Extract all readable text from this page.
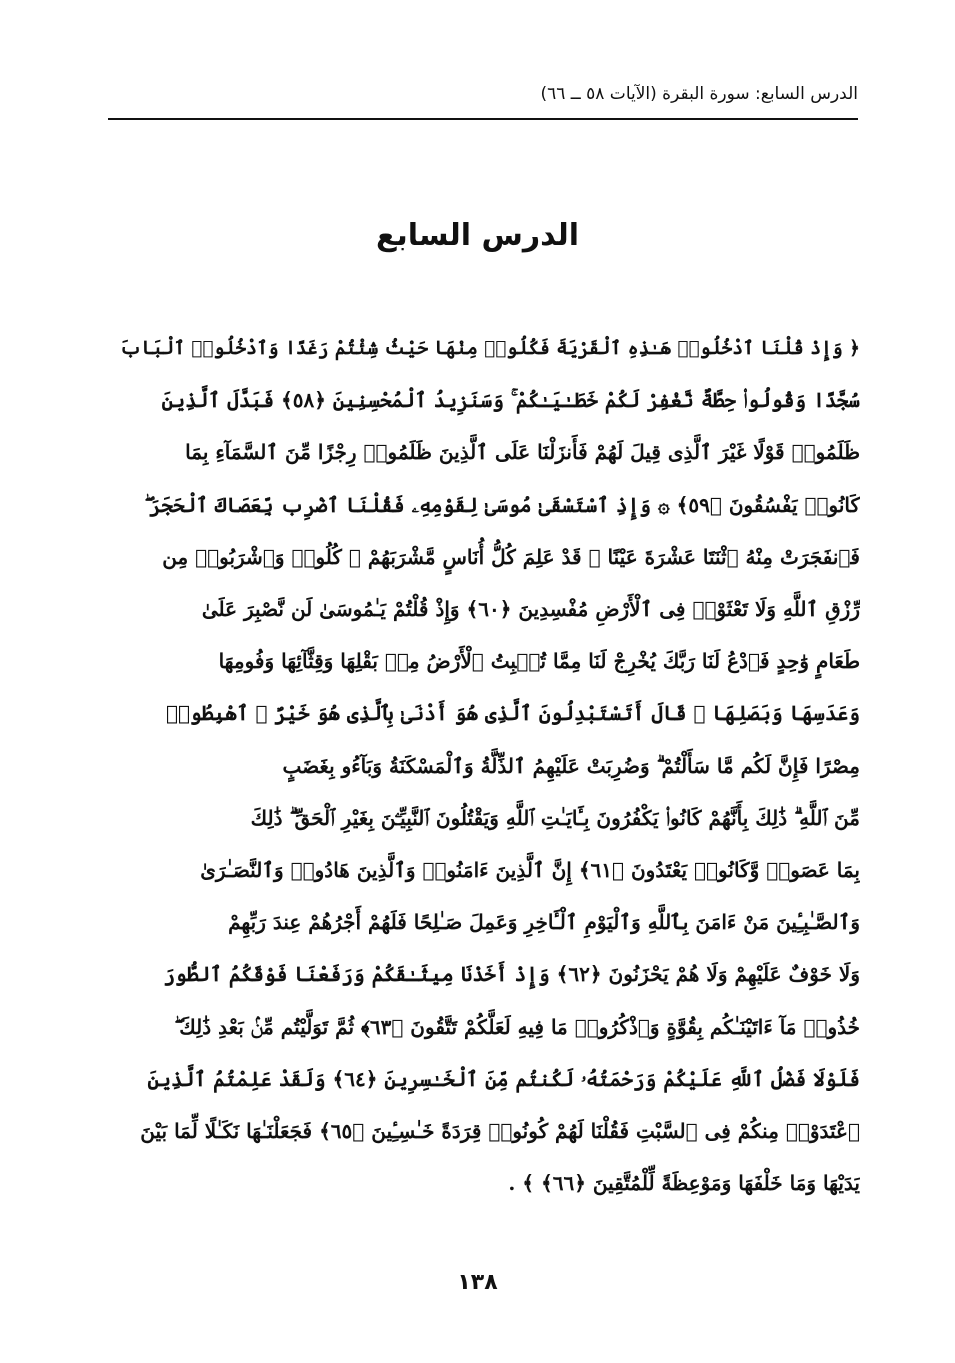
الدرس السابع: سورة البقرة (الآيات ٥٨ ــ ٦٦)
الدرس السابع
﴿ وَإِذْ قُلْنَا ٱدْخُلُوا۟ هَـٰذِهِ ٱلْقَرْيَةَ فَكُلُوا۟ مِنْهَا حَيْثُ شِئْتُمْ رَغَدًا وَٱدْخُلُوا۟ ٱلْبَابَ
سُجَّدًا وَقُولُوا۟ حِطَّةٌ نَّغْفِرْ لَكُمْ خَطَـٰيَـٰكُمْ ۚ وَسَنَزِيدُ ٱلْمُحْسِنِينَ ﴿٥٨﴾ فَبَدَّلَ ٱلَّذِينَ
ظَلَمُوا۟ قَوْلًا غَيْرَ ٱلَّذِى قِيلَ لَهُمْ فَأَنزَلْنَا عَلَى ٱلَّذِينَ ظَلَمُوا۟ رِجْزًا مِّنَ ٱلسَّمَآءِ بِمَا
كَانُوا۟ يَفْسُقُونَ ﴿٥٩﴾ ۞ وَإِذِ ٱسْتَسْقَىٰ مُوسَىٰ لِقَوْمِهِۦ فَقُلْنَا ٱضْرِب بِّعَصَاكَ ٱلْحَجَرَ ۖ
فَٱنفَجَرَتْ مِنْهُ ٱثْنَتَا عَشْرَةَ عَيْنًا ۖ قَدْ عَلِمَ كُلُّ أُنَاسٍ مَّشْرَبَهُمْ ۖ كُلُوا۟ وَٱشْرَبُوا۟ مِن
رِّزْقِ ٱللَّهِ وَلَا تَعْثَوْا۟ فِى ٱلْأَرْضِ مُفْسِدِينَ ﴿٦٠﴾ وَإِذْ قُلْتُمْ يَـٰمُوسَىٰ لَن نَّصْبِرَ عَلَىٰ
طَعَامٍ وَٰحِدٍ فَٱدْعُ لَنَا رَبَّكَ يُخْرِجْ لَنَا مِمَّا تُنۢبِتُ ٱلْأَرْضُ مِنۢ بَقْلِهَا وَقِثَّآئِهَا وَفُومِهَا
وَعَدَسِهَا وَبَصَلِهَا ۖ قَالَ أَتَسْتَبْدِلُونَ ٱلَّذِى هُوَ أَدْنَىٰ بِٱلَّذِى هُوَ خَيْرٌ ۚ ٱهْبِطُوا۟
مِصْرًا فَإِنَّ لَكُم مَّا سَأَلْتُمْ ۗ وَضُرِبَتْ عَلَيْهِمُ ٱلذِّلَّةُ وَٱلْمَسْكَنَةُ وَبَآءُو بِغَضَبٍ
مِّنَ ٱللَّهِ ۗ ذَٰلِكَ بِأَنَّهُمْ كَانُوا۟ يَكْفُرُونَ بِـَٔايَـٰتِ ٱللَّهِ وَيَقْتُلُونَ ٱلنَّبِيِّـۧنَ بِغَيْرِ ٱلْحَقِّ ۗ ذَٰلِكَ
بِمَا عَصَوا۟ وَّكَانُوا۟ يَعْتَدُونَ ﴿٦١﴾ إِنَّ ٱلَّذِينَ ءَامَنُوا۟ وَٱلَّذِينَ هَادُوا۟ وَٱلنَّصَـٰرَىٰ
وَٱلصَّـٰبِـِٔينَ مَنْ ءَامَنَ بِٱللَّهِ وَٱلْيَوْمِ ٱلْـَٔاخِرِ وَعَمِلَ صَـٰلِحًا فَلَهُمْ أَجْرُهُمْ عِندَ رَبِّهِمْ
وَلَا خَوْفٌ عَلَيْهِمْ وَلَا هُمْ يَحْزَنُونَ ﴿٦٢﴾ وَإِذْ أَخَذْنَا مِيثَـٰقَكُمْ وَرَفَعْنَا فَوْقَكُمُ ٱلطُّورَ
خُذُوا۟ مَآ ءَاتَيْنَـٰكُم بِقُوَّةٍ وَٱذْكُرُوا۟ مَا فِيهِ لَعَلَّكُمْ تَتَّقُونَ ﴿٦٣﴾ ثُمَّ تَوَلَّيْتُم مِّنۢ بَعْدِ ذَٰلِكَ ۖ
فَلَوْلَا فَضْلُ ٱللَّهِ عَلَيْكُمْ وَرَحْمَتُهُۥ لَكُنتُم مِّنَ ٱلْخَـٰسِرِينَ ﴿٦٤﴾ وَلَقَدْ عَلِمْتُمُ ٱلَّذِينَ
ٱعْتَدَوْا۟ مِنكُمْ فِى ٱلسَّبْتِ فَقُلْنَا لَهُمْ كُونُوا۟ قِرَدَةً خَـٰسِـِٔينَ ﴿٦٥﴾ فَجَعَلْنَـٰهَا نَكَـٰلًا لِّمَا بَيْنَ
يَدَيْهَا وَمَا خَلْفَهَا وَمَوْعِظَةً لِّلْمُتَّقِينَ ﴿٦٦﴾ ﴾ .
١٣٨
